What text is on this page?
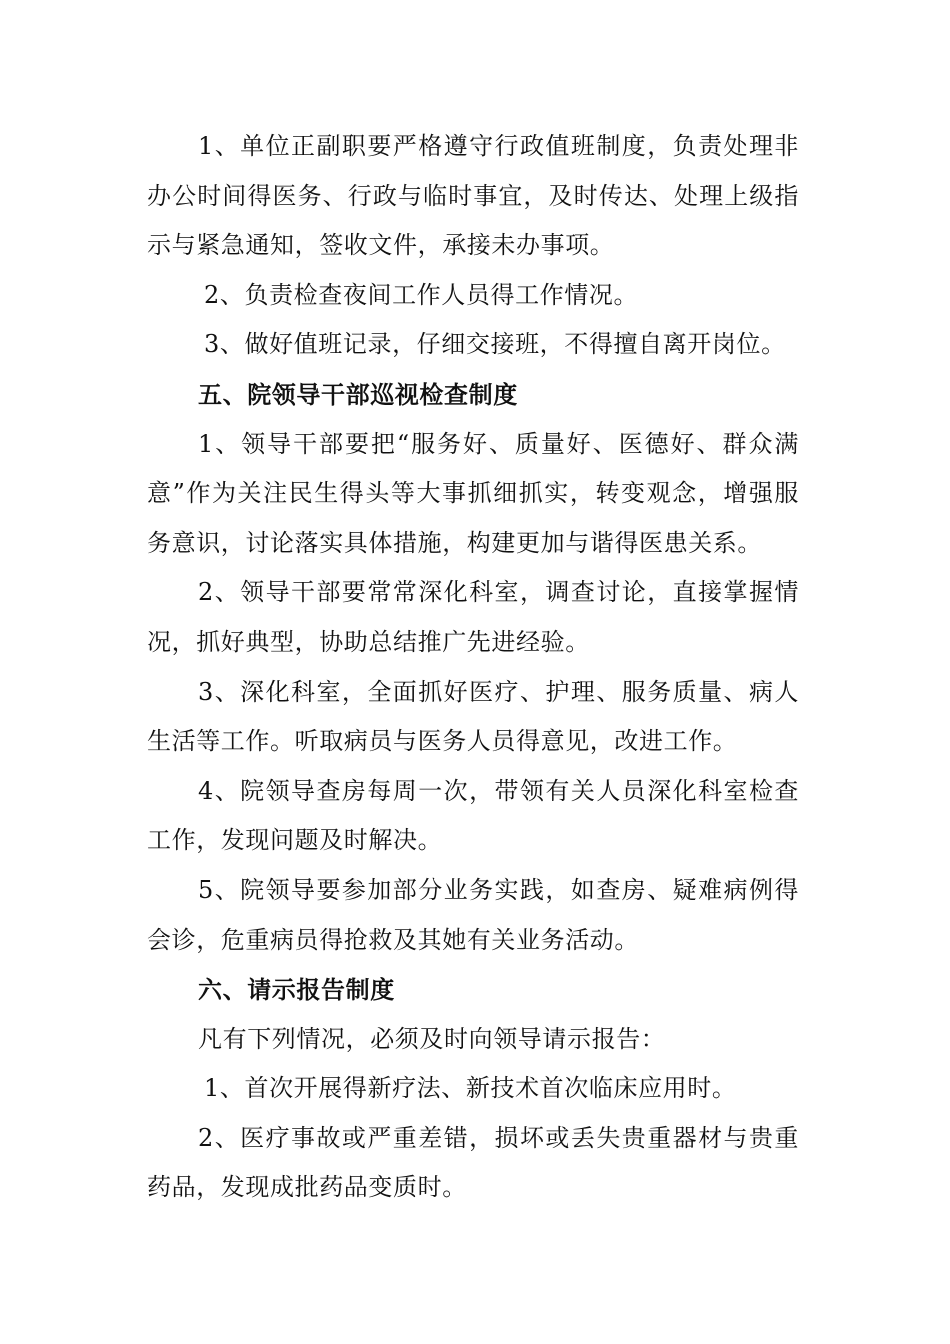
1、单位正副职要严格遵守行政值班制度，负责处理非办公时间得医务、行政与临时事宜，及时传达、处理上级指示与紧急通知，签收文件，承接未办事项。

2、负责检查夜间工作人员得工作情况。

3、做好值班记录，仔细交接班，不得擅自离开岗位。

五、院领导干部巡视检查制度

1、领导干部要把“服务好、质量好、医德好、群众满意”作为关注民生得头等大事抓细抓实，转变观念，增强服务意识，讨论落实具体措施，构建更加与谐得医患关系。

2、领导干部要常常深化科室，调查讨论，直接掌握情况，抓好典型，协助总结推广先进经验。

3、深化科室，全面抓好医疗、护理、服务质量、病人生活等工作。听取病员与医务人员得意见，改进工作。

4、院领导查房每周一次，带领有关人员深化科室检查工作，发现问题及时解决。

5、院领导要参加部分业务实践，如查房、疑难病例得会诊，危重病员得抢救及其她有关业务活动。

六、请示报告制度

凡有下列情况，必须及时向领导请示报告：

1、首次开展得新疗法、新技术首次临床应用时。

2、医疗事故或严重差错，损坏或丢失贵重器材与贵重药品，发现成批药品变质时。
